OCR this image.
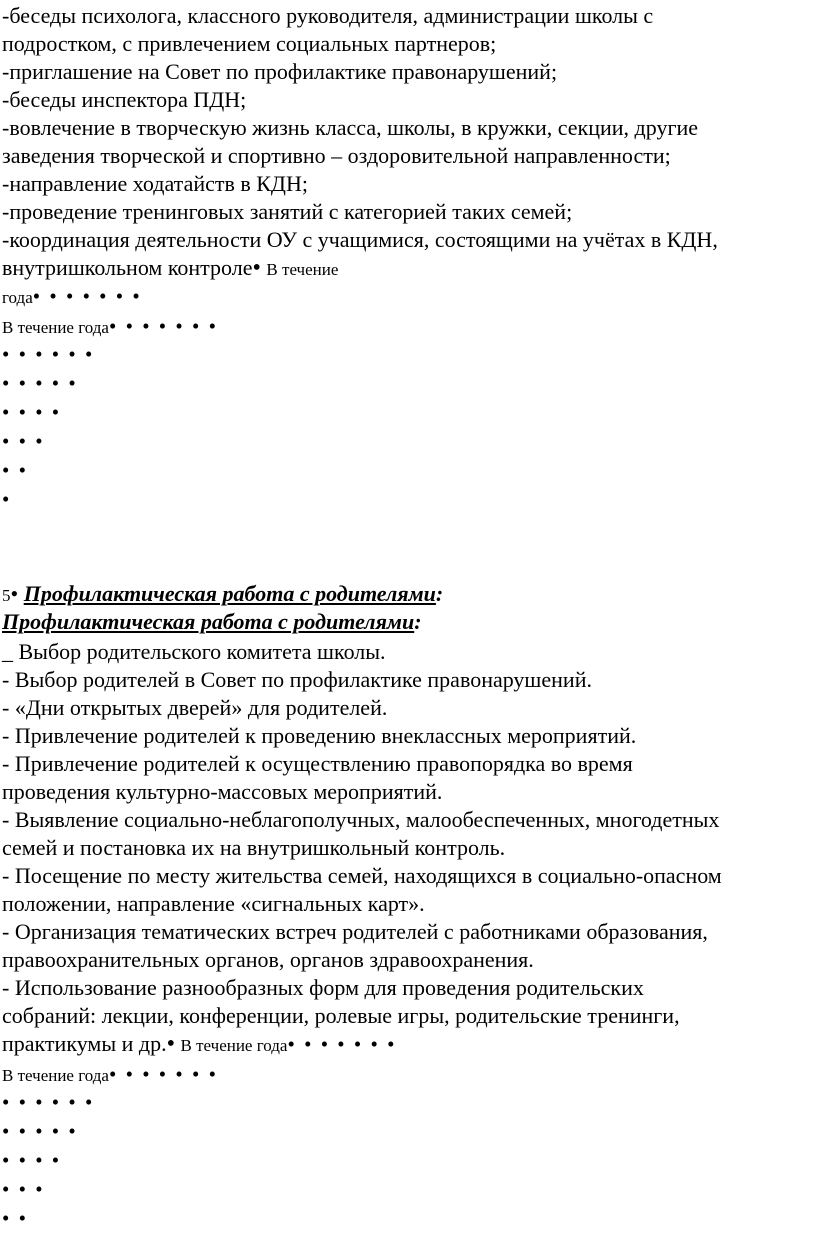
-беседы психолога, классного руководителя, администрации школы с
подростком, с привлечением социальных партнеров;
-приглашение на Совет по профилактике правонарушений;
-беседы инспектора ПДН;
-вовлечение в творческую жизнь класса, школы, в кружки, секции, другие
заведения творческой и спортивно – оздоровительной направленности;
-направление ходатайств в КДН;
-проведение тренинговых занятий с категорией таких семей;
-координация деятельности ОУ с учащимися, состоящими на учётах в КДН,
внутришкольном контроле• В течение
года• • • • • • •
В течение года• • • • • • •
• • • • • •
• • • • •
• • • •
• • •
• •
•
5• Профилактическая работа с родителями:
Профилактическая работа с родителями:
_ Выбор родительского комитета школы.
- Выбор родителей в Совет по профилактике правонарушений.
- «Дни открытых дверей» для родителей.
- Привлечение родителей к проведению внеклассных мероприятий.
- Привлечение родителей к осуществлению правопорядка во время
проведения культурно-массовых мероприятий.
- Выявление социально-неблагополучных, малообеспеченных, многодетных
семей и постановка их на внутришкольный контроль.
- Посещение по месту жительства семей, находящихся в социально-опасном
положении, направление «сигнальных карт».
- Организация тематических встреч родителей с работниками образования,
правоохранительных органов, органов здравоохранения.
- Использование разнообразных форм для проведения родительских
собраний: лекции, конференции, ролевые игры, родительские тренинги,
практикумы и др.• В течение года• • • • • • •
В течение года• • • • • • •
• • • • • •
• • • • •
• • • •
• • •
• •
